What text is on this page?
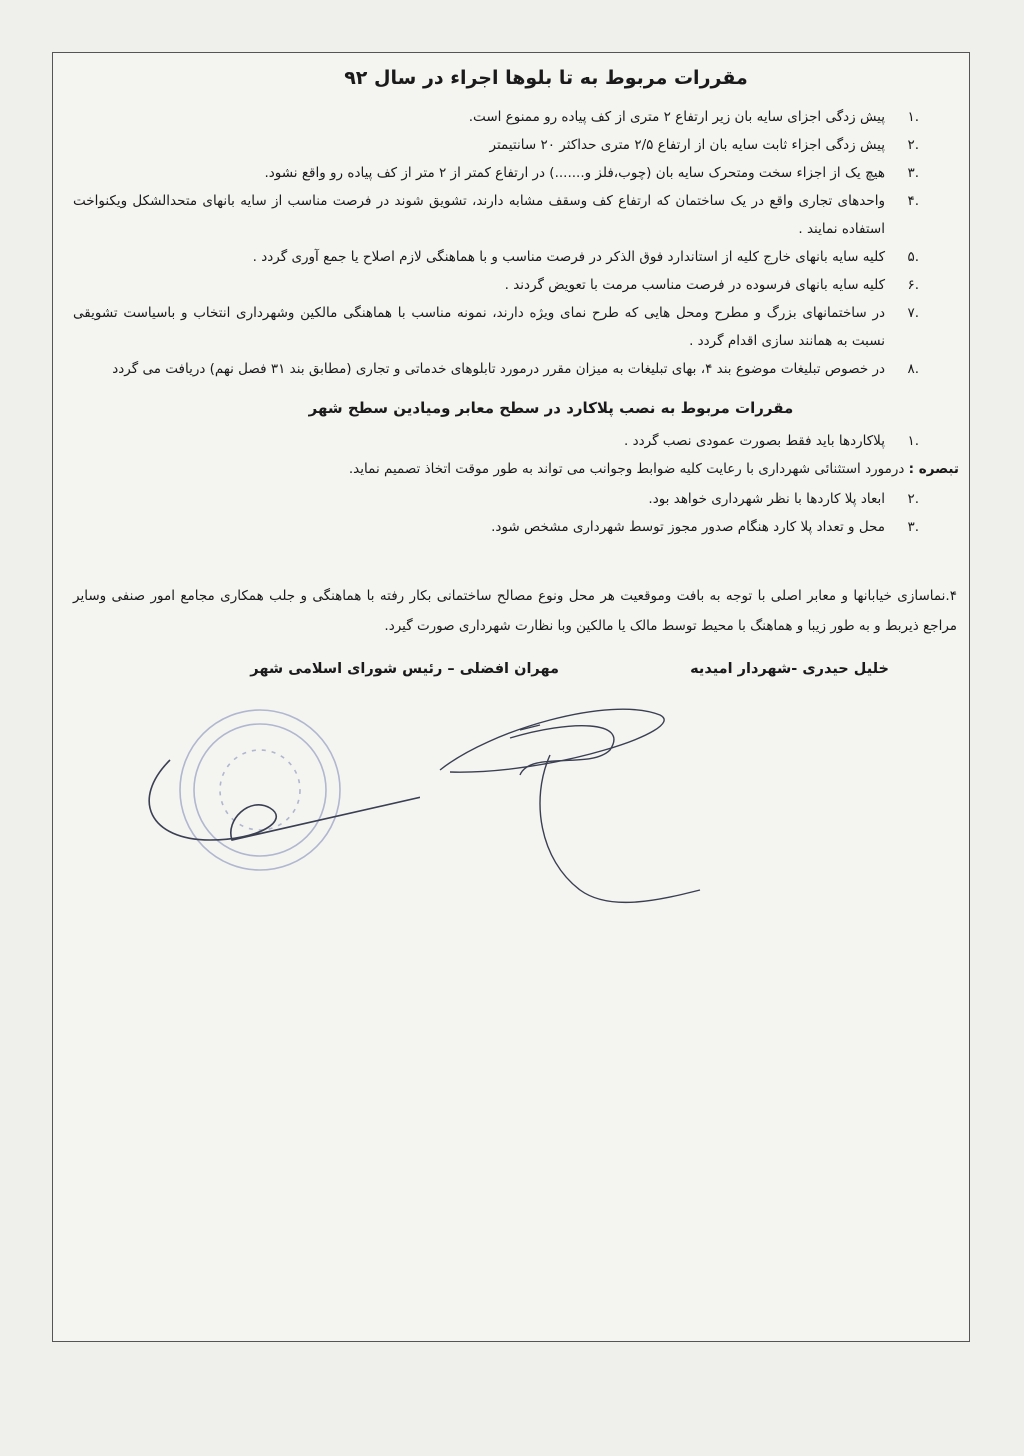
مقررات مربوط به تا بلوها اجراء در سال ۹۲
.۱
پیش زدگی اجزای سایه بان زیر ارتفاع ۲ متری از کف پیاده رو ممنوع است.
.۲
پیش زدگی اجزاء ثابت سایه بان از ارتفاع ۲/۵ متری حداکثر ۲۰ سانتیمتر
.۳
هیچ یک از اجزاء سخت ومتحرک سایه بان (چوب،فلز و.......) در ارتفاع کمتر از ۲ متر از کف پیاده رو واقع نشود.
.۴
واحدهای تجاری واقع در یک ساختمان که ارتفاع کف وسقف مشابه دارند، تشویق شوند در فرصت مناسب از سایه بانهای متحدالشکل ویکنواخت استفاده نمایند .
.۵
کلیه سایه بانهای خارج کلیه از استاندارد فوق الذکر در فرصت مناسب و با هماهنگی لازم اصلاح یا جمع آوری گردد .
.۶
کلیه سایه بانهای فرسوده در فرصت مناسب مرمت با تعویض گردند .
.۷
در ساختمانهای بزرگ و مطرح ومحل هایی که طرح نمای ویژه دارند، نمونه مناسب با هماهنگی مالکین وشهرداری انتخاب و باسیاست تشویقی نسبت به همانند سازی اقدام گردد .
.۸
در خصوص تبلیغات موضوع بند ۴، بهای تبلیغات به میزان مقرر درمورد تابلوهای خدماتی و تجاری (مطابق بند ۳۱ فصل نهم) دریافت می گردد
مقررات مربوط به نصب پلاکارد در سطح معابر ومیادین سطح شهر
.۱
پلاکاردها باید فقط بصورت عمودی نصب گردد .
تبصره : درمورد استثنائی شهرداری با رعایت کلیه ضوابط وجوانب می تواند به طور موقت اتخاذ تصمیم نماید.
.۲
ابعاد پلا کاردها با نظر شهرداری خواهد بود.
.۳
محل و تعداد پلا کارد هنگام صدور مجوز توسط شهرداری مشخص شود.

۴.نماسازی خیابانها و معابر اصلی با توجه به بافت وموقعیت هر محل ونوع مصالح ساختمانی بکار رفته با هماهنگی و جلب همکاری مجامع امور صنفی وسایر مراجع ذیربط و به طور زیبا و هماهنگ با محیط توسط مالک یا مالکین وبا نظارت شهرداری صورت گیرد.

خلیل حیدری -شهردار امیدیه
مهران افضلی – رئیس شورای اسلامی شهر
